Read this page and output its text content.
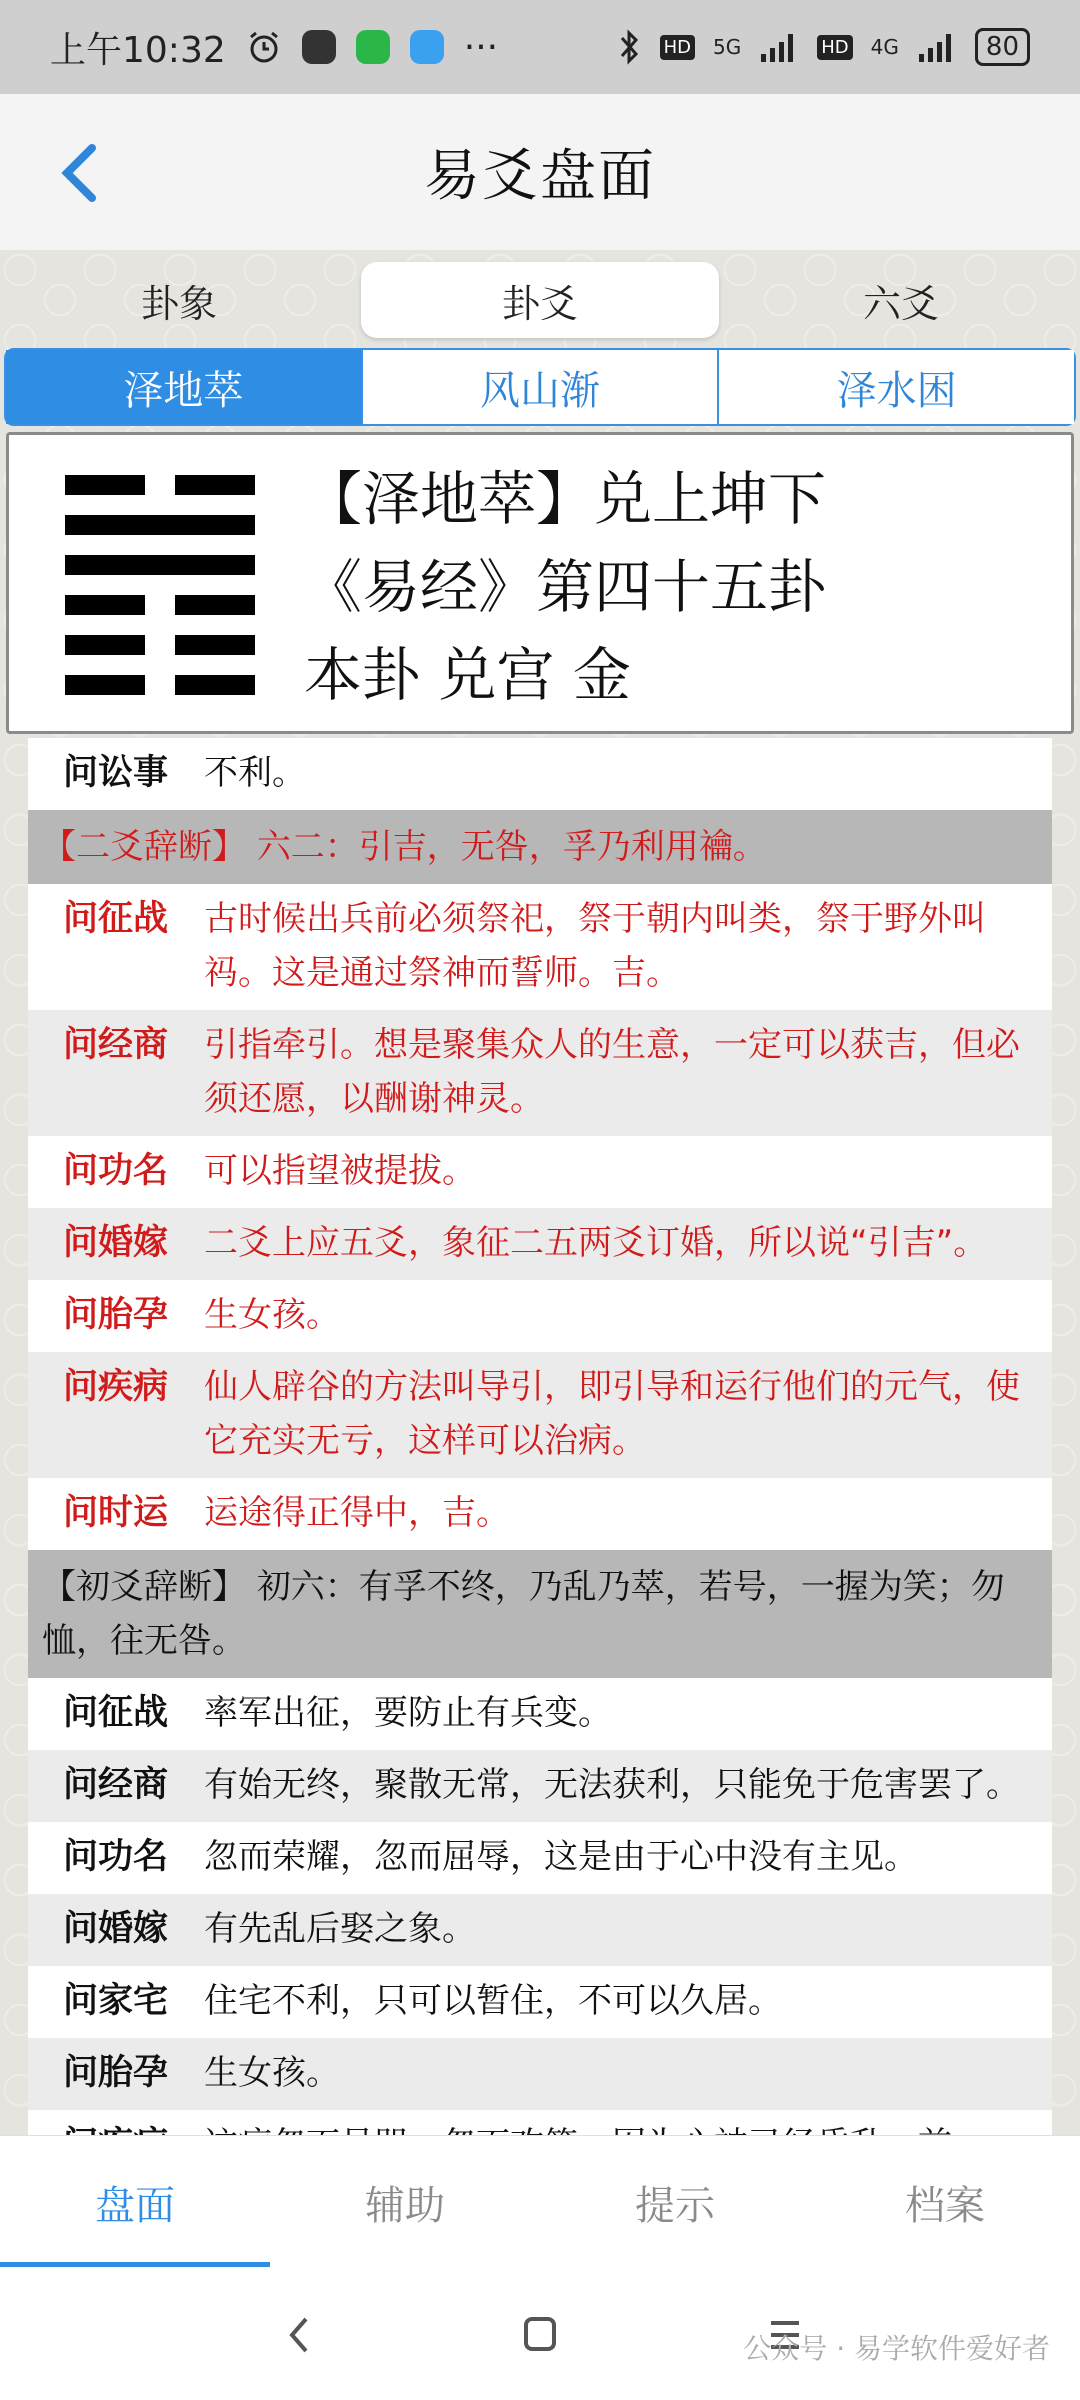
上午10:32	···	HD 5G	HD 4G	80
易爻盘面
卦象	卦爻	六爻
泽地萃	风山渐	泽水困
【泽地萃】兑上坤下
《易经》第四十五卦
本卦 兑宫 金
问讼事	不利。
【二爻辞断】 六二：引吉，无咎，孚乃利用禴。
问征战	古时候出兵前必须祭祀，祭于朝内叫类，祭于野外叫祃。这是通过祭神而誓师。吉。
问经商	引指牵引。想是聚集众人的生意，一定可以获吉，但必须还愿，以酬谢神灵。
问功名	可以指望被提拔。
问婚嫁	二爻上应五爻，象征二五两爻订婚，所以说“引吉”。
问胎孕	生女孩。
问疾病	仙人辟谷的方法叫导引，即引导和运行他们的元气，使它充实无亏，这样可以治病。
问时运	运途得正得中，吉。
【初爻辞断】 初六：有孚不终，乃乱乃萃，若号，一握为笑；勿恤，往无咎。
问征战	率军出征，要防止有兵变。
问经商	有始无终，聚散无常，无法获利，只能免于危害罢了。
问功名	忽而荣耀，忽而屈辱，这是由于心中没有主见。
问婚嫁	有先乱后娶之象。
问家宅	住宅不利，只可以暂住，不可以久居。
问胎孕	生女孩。
盘面	辅助	提示	档案
公众号 · 易学软件爱好者
